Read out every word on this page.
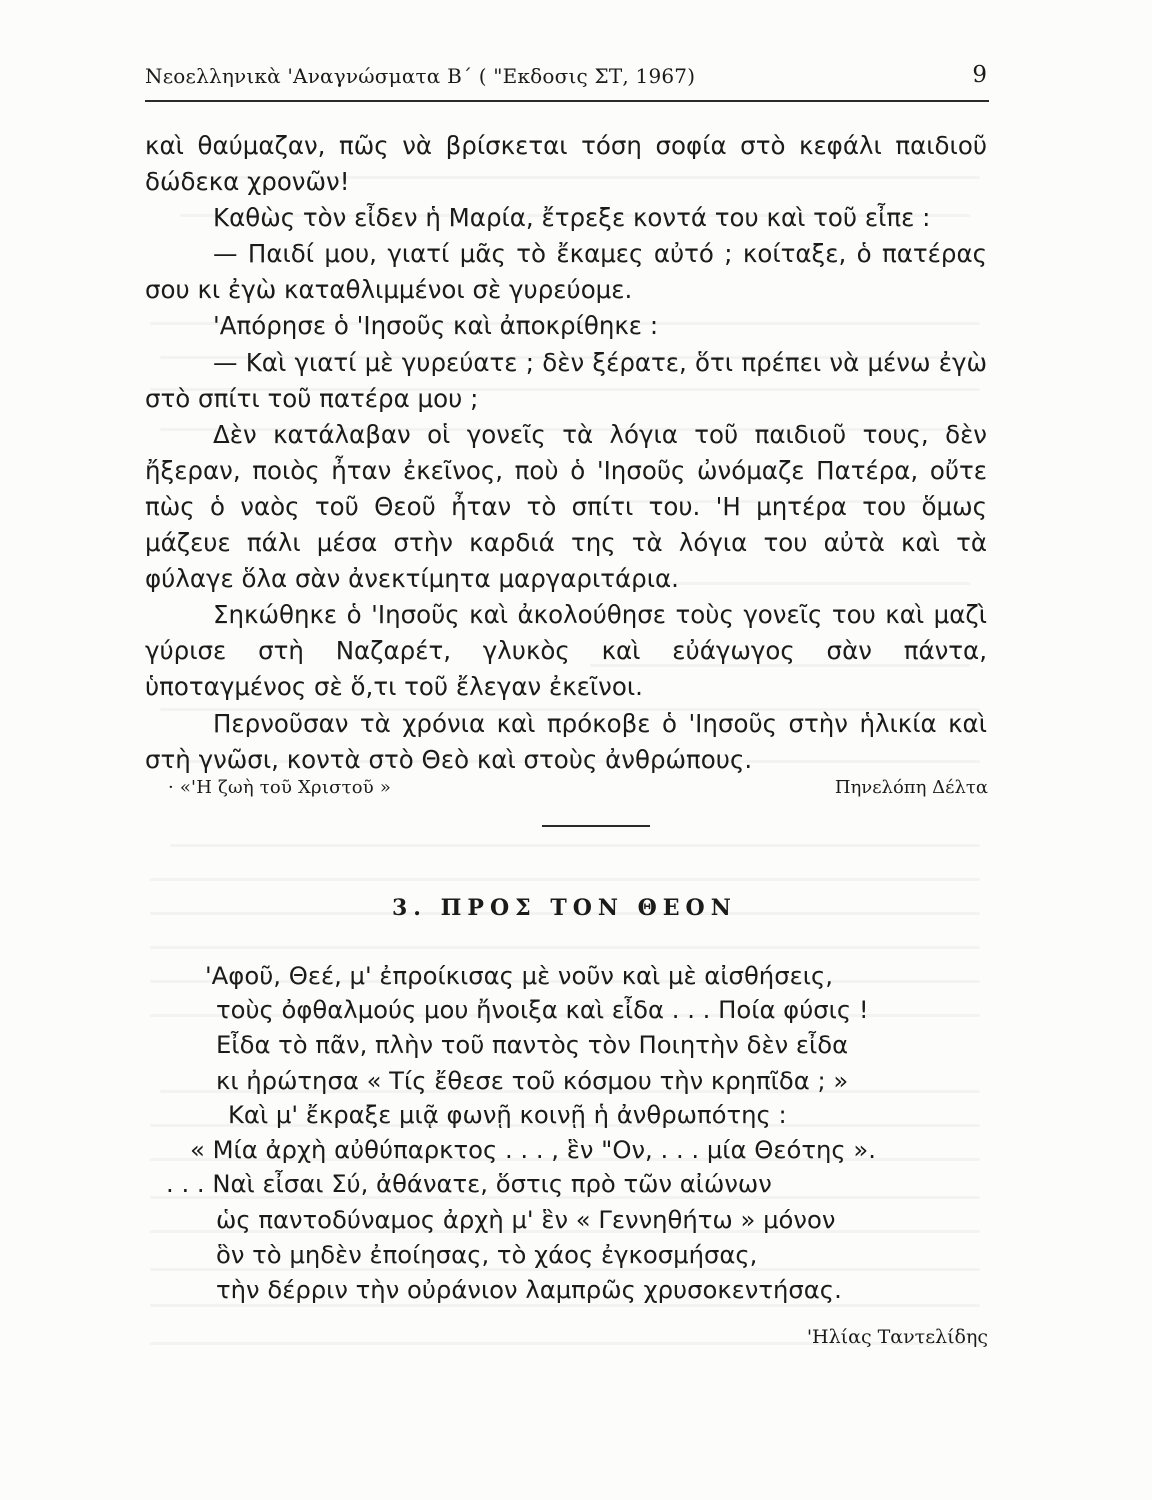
Νεοελληνικὰ 'Αναγνώσματα Β΄ ( "Εκδοσις ΣΤ, 1967)	9

καὶ θαύμαζαν, πῶς νὰ βρίσκεται τόση σοφία στὸ κεφάλι παιδιοῦ δώδεκα χρονῶν!

Καθὼς τὸν εἶδεν ἡ Μαρία, ἔτρεξε κοντά του καὶ τοῦ εἶπε :

— Παιδί μου, γιατί μᾶς τὸ ἔκαμες αὐτό ; κοίταξε, ὁ πατέρας σου κι ἐγὼ καταθλιμμένοι σὲ γυρεύομε.

'Απόρησε ὁ 'Ιησοῦς καὶ ἀποκρίθηκε :

— Καὶ γιατί μὲ γυρεύατε ; δὲν ξέρατε, ὅτι πρέπει νὰ μένω ἐγὼ στὸ σπίτι τοῦ πατέρα μου ;

Δὲν κατάλαβαν οἱ γονεῖς τὰ λόγια τοῦ παιδιοῦ τους, δὲν ἤξεραν, ποιὸς ἦταν ἐκεῖνος, ποὺ ὁ 'Ιησοῦς ὠνόμαζε Πατέρα, οὔτε πὼς ὁ ναὸς τοῦ Θεοῦ ἦταν τὸ σπίτι του. 'Η μητέρα του ὅμως μάζευε πάλι μέσα στὴν καρδιά της τὰ λόγια του αὐτὰ καὶ τὰ φύλαγε ὅλα σὰν ἀνεκτίμητα μαργαριτάρια.

Σηκώθηκε ὁ 'Ιησοῦς καὶ ἀκολούθησε τοὺς γονεῖς του καὶ μαζὶ γύρισε στὴ Ναζαρέτ, γλυκὸς καὶ εὐάγωγος σὰν πάντα, ὑποταγμένος σὲ ὅ,τι τοῦ ἔλεγαν ἐκεῖνοι.

Περνοῦσαν τὰ χρόνια καὶ πρόκοβε ὁ 'Ιησοῦς στὴν ἡλικία καὶ στὴ γνῶσι, κοντὰ στὸ Θεὸ καὶ στοὺς ἀνθρώπους.

· «'Η ζωὴ τοῦ Χριστοῦ »	Πηνελόπη Δέλτα
3. ΠΡΟΣ ΤΟΝ ΘΕΟΝ
'Αφοῦ, Θεέ, μ' ἐπροίκισας μὲ νοῦν καὶ μὲ αἰσθήσεις,
τοὺς ὀφθαλμούς μου ἤνοιξα καὶ εἶδα . . . Ποία φύσις !
Εἶδα τὸ πᾶν, πλὴν τοῦ παντὸς τὸν Ποιητὴν δὲν εἶδα
κι ἠρώτησα « Τίς ἔθεσε τοῦ κόσμου τὴν κρηπῖδα ; »
Καὶ μ' ἔκραξε μιᾷ φωνῇ κοινῇ ἡ ἀνθρωπότης :
« Μία ἀρχὴ αὐθύπαρκτος . . . , ἓν "Ον, . . . μία Θεότης ».
. . . Ναὶ εἶσαι Σύ, ἀθάνατε, ὅστις πρὸ τῶν αἰώνων
ὡς παντοδύναμος ἀρχὴ μ' ἓν « Γεννηθήτω » μόνον
ὃν τὸ μηδὲν ἐποίησας, τὸ χάος ἐγκοσμήσας,
τὴν δέρριν τὴν οὐράνιον λαμπρῶς χρυσοκεντήσας.
'Ηλίας Ταντελίδης
